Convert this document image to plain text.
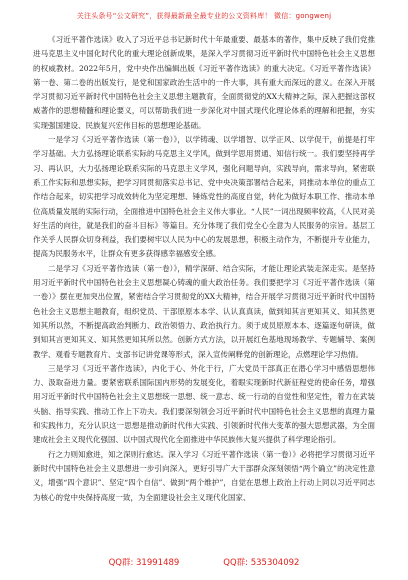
关注头条号“公文研究”，获得最新最全最专业的公文资料库！ 微信：gongwenj

《习近平著作选读》收入了习近平总书记新时代十年最重要、最基本的著作，集中反映了我们党推进马克思主义中国化时代化的重大理论创新成果，是深入学习贯彻习近平新时代中国特色社会主义思想的权威教材。2022年5月，党中央作出编辑出版《习近平著作选读》的重大决定。《习近平著作选读》第一卷、第二卷的出版发行，是党和国家政治生活中的一件大事，具有重大而深远的意义。在深入开展学习贯彻习近平新时代中国特色社会主义思想主题教育，全面贯彻党的XX大精神之际，深入把握这部权威著作的思想精髓和理论要义，可以帮助我们进一步深化对中国式现代化理论体系的理解和把握，夯实实现强国建设、民族复兴宏伟目标的思想理论基础。

一是学习《习近平著作选读（第一卷）》，以学铸魂、以学增智、以学正风、以学促干，前提是打牢学习基础。大力弘扬理论联系实际的马克思主义学风，做到学思用贯通、知信行统一。我们要坚持再学习、再认识，大力弘扬理论联系实际的马克思主义学风，强化问题导向，实践导向，需求导向，紧密联系工作实际和思想实际，把学习同贯彻落实总书记、党中央决策部署结合起来，同推动本单位的重点工作结合起来，切实把学习成效转化为坚定理想、锤炼党性的高度自觉，转化为做好本职工作、推动本单位高质量发展的实际行动，全面推进中国特色社会主义伟大事业。“人民”一词出现频率较高，《人民对美好生活的向往，就是我们的奋斗目标》等篇目。充分体现了我们党全心全意为人民服务的宗旨。基层工作关乎人民群众切身利益，我们要树牢以人民为中心的发展思想，积极主动作为，不断提升专业能力，提高为民服务水平，让群众有更多获得感幸福感安全感。

二是学习《习近平著作选读（第一卷）》，精学深研、结合实际，才能让理论武装走深走实。是坚持用习近平新时代中国特色社会主义思想凝心铸魂的重大政治任务。我们要把学习《习近平著作选读（第一卷）》摆在更加突出位置，紧密结合学习贯彻党的XX大精神，结合开展学习贯彻习近平新时代中国特色社会主义思想主题教育，组织党员、干部原原本本学、认认真真读，做到知其言更知其义、知其然更知其所以然，不断提高政治判断力、政治领悟力、政治执行力。须于成员原原本本、逐篇逐句研读，做到知其言更知其义、知其然更知其所以然。创新方式方法，以开展红色基地现场教学、专题辅导、案例教学、观看专题教育片、支部书记讲党课等形式，深入宣传阐释党的创新理论，点燃理论学习热情。

三是学习《习近平著作选读》，内化于心、外化于行，广大党员干部真正在潜心学习中感悟思想伟力、汲取奋进力量。要紧密联系国际国内形势的发展变化，着眼实现新时代新征程党的使命任务，增强用习近平新时代中国特色社会主义思想统一思想、统一意志、统一行动的自觉性和坚定性，着力在武装头脑、指导实践、推动工作上下功夫。我们要深刻领会习近平新时代中国特色社会主义思想的真理力量和实践伟力，充分认识这一思想是推动新时代伟大实践、引领新时代伟大变革的强大思想武器，为全面建成社会主义现代化强国、以中国式现代化全面推进中华民族伟大复兴提供了科学理论指引。

行之力则知愈进，知之深则行愈达。深入学习《习近平著作选读（第一卷）》必将把学习贯彻习近平新时代中国特色社会主义思想进一步引向深入，更好引导广大干部群众深刻领悟“两个确立”的决定性意义，增强“四个意识”、坚定“四个自信”、做到“两个维护”，自觉在思想上政治上行动上同以习近平同志为核心的党中央保持高度一致，为全面建设社会主义现代化国家、

QQ群: 31991489	QQ群: 535304092
